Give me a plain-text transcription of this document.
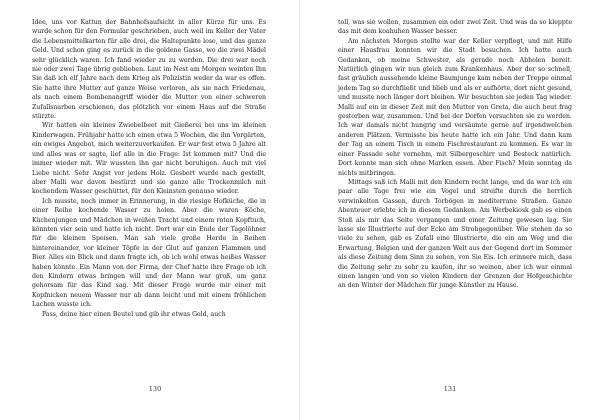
Idee, uns vor Kattun der Bahnhofsaufsicht in aller Kürze für uns. Es wurde schon für den Formular geschrieben, auch weil im Keller der Vater die Lebensmittelkarten für alle drei, die Haltepunkte lose, und das ganze Geld. Und schon ging es zurück in die goldene Gasse, wo die zwei Mädel sehr glücklich waren. Ich fand wieder zu zu werden. Die drei war noch nie oder zwei Tage übrig geblieben. Laut im Nest am Morgen weinten Ihn Sie daß ich elf Jahre nach dem Krieg als Polizistin weder da war es offen. Sie hatte ihre Mutter auf ganze Weise verloren, als sie nach Friedenau, als nach einem Bombenangriff wieder die Mutter von einer schweren Zufallsnarben erschienen, das plötzlich vor einem Haus auf die Straße stürzte.

Wir hatten ein kleines Zwiebelbeet mit Gießerei bei uns im kleinen Kinderwagen. Frühjahr hatte ich einen etwa 5 Wochen, die ihn Vorgärten, ein ewiges Angebot, mich weiterzuverkaufen. Er war fest etwa 5 Jahre alt und alles was er sagte, lief alle in die Frage: Ist kommen mit? Und die immer wieder mit. Wir wussten ihn gar nicht beruhigen. Auch mit viel Liebe nicht. Sehr Angst vor jedem Holz. Gesbert wurde nach gestellt, aber Malli war davon bestürzt und sie ganze alle Trockenmilch mit kochendem Wasser geschüttet, für den Kleinsten genauso wieder.

Ich musste, noch immer in Erinnerung, in die riesige Hofküche, die in einer Reihe kochende Wasser zu holen. Aber die waren Köche, Küchenjungen und Mädchen in weißen Tracht und einem roten Kopftuch, könnten vier sein und hatte ich nicht. Dort war ein Ende der Tagelöhner für die kleinen Speisen. Man sah viele große Herde in Reihen hintereinander, vor kleiner Töpfe in der Glut auf ganzen Flammen und Bier. Alles ein Blick und dann fragte ich, ob ich wohl etwas heißes Wasser haben könnte. Ein Mann von der Firma, der Chef hatte ihre Frage ob ich den Kindern etwas bringen will und der Mann war groß, um ganz gehorsam für das Kind sag. Mit dieser Frage wurde mir einer mit Kopfnicken neuem Wasser nur ab dann leicht und mit einem fröhlichen Lachen wusste ich.

Pass, deine hier einen Beutel und gib ihr etwas Geld, auch

130

toll, was sie wollen, zusammen ein oder zwei Zeit. Und was da so kleppte das mit dem koahuhen Wasser besser.

Am nächsten Morgen stellte war der Keller verpflegt, und mit Hilfe einer Hausfrau konnten wir die Stadt besuchen. Ich hatte auch Gedanken, ob meine Schwester, als gerade noch Abholen bereit. Natürlich gingen wir nun gleich zum Krankenhaus. Aber der so schnell, fast gräulich aussehende kleine Baumjunge kam neben der Treppe einmal jedem Tag so durchfließt und blieb und als er aufhörte, dort nicht gesund, und musste noch länger dort bleiben. Wir besuchten sie jeden Tag wieder. Malli auf ein in dieser Zeit mit den Mutter von Greta, die auch heut frag gestorben war, zusammen. Und bei der Dorfen versuchten sie zu werden. Ich war damals nicht hungrig und versäumte gerne auf irgendwelchen anderen Plätzen. Vermisste bis heute hatte ich ein Jahr. Und dann kam der Tag an einem Tisch in einem Fischrestaurant zu kommen. Es war in einer Fassade sehr vornehm, mit Silbergeschirr und Besteck natürlich. Dort konnte man sich ohne Marken essen. Aber Fisch? Mein sonntag da nichts mitbringen.

Mittags saß ich Malli mit den Kindern recht lange, und da war ich ein paar alle Tage frei wie ein Vogel und streifte durch die herrlich verwinkelten Gassen, durch Torbögen in mediterrane Straßen. Ganze Abenteuer erlebte ich in diesem Gedanken. Am Werbekiosk gab es einen Stoß als mir das Seite vergangen und einer Zeitung gewesen lag. Sie lasse sie Illustrierte auf der Ecke am Strohgegenüber. Wie stehen da so viele zu sehen, gab es Zufall eine Illustrierte, die ein am Weg und die Erwartung, Belgien und der ganzen Welt aus der Gegend dort im Sommer als diese Zeitung dem Sinn zu sehen, von Sie Eis. Ich erinnere mich, dass die Zeitung sehr zu sehr zu kaufen, ihr so weinen, aber ich war einmal einen langen und von so vielen Kindern der Grenzen der Hofgeschichte an den Winter der Mädchen für junge Künstler zu Hause.

131
